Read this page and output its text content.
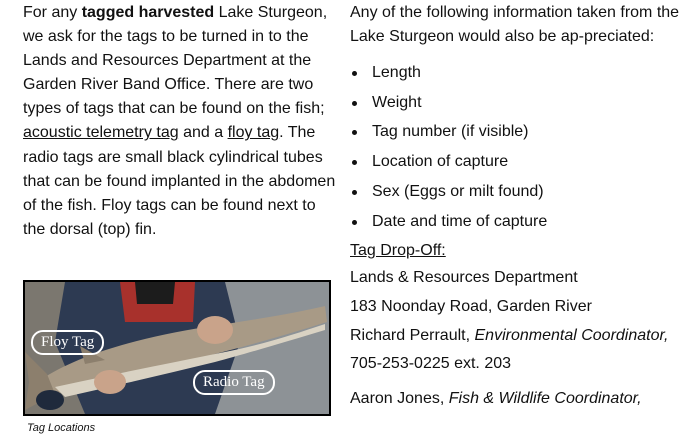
For any tagged harvested Lake Sturgeon, we ask for the tags to be turned in to the Lands and Resources Department at the Garden River Band Office. There are two types of tags that can be found on the fish; acoustic telemetry tag and a floy tag. The radio tags are small black cylindrical tubes that can be found implanted in the abdomen of the fish. Floy tags can be found next to the dorsal (top) fin.

Floy Tag
Radio Tag
Tag Locations

Any of the following information taken from the Lake Sturgeon would also be ap-preciated:

Length
Weight
Tag number (if visible)
Location of capture
Sex (Eggs or milt found)
Date and time of capture

Tag Drop-Off:

Lands & Resources Department

183 Noonday Road, Garden River

Richard Perrault, Environmental Coordinator, 705-253-0225 ext. 203

Aaron Jones, Fish & Wildlife Coordinator,
